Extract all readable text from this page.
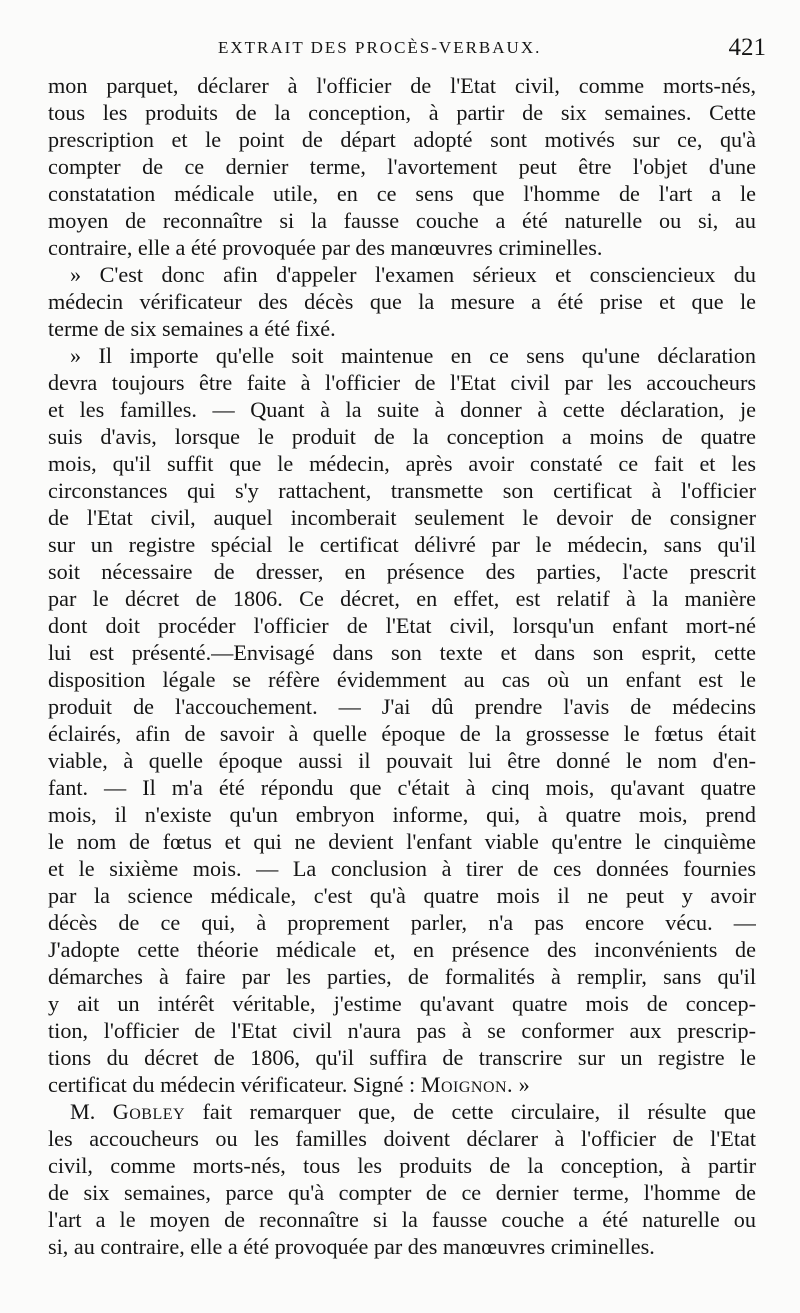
EXTRAIT DES PROCÈS-VERBAUX.	421
mon parquet, déclarer à l'officier de l'Etat civil, comme morts-nés,
tous les produits de la conception, à partir de six semaines. Cette
prescription et le point de départ adopté sont motivés sur ce, qu'à
compter de ce dernier terme, l'avortement peut être l'objet d'une
constatation médicale utile, en ce sens que l'homme de l'art a le
moyen de reconnaître si la fausse couche a été naturelle ou si, au
contraire, elle a été provoquée par des manœuvres criminelles.
» C'est donc afin d'appeler l'examen sérieux et consciencieux du
médecin vérificateur des décès que la mesure a été prise et que le
terme de six semaines a été fixé.
» Il importe qu'elle soit maintenue en ce sens qu'une déclaration
devra toujours être faite à l'officier de l'Etat civil par les accoucheurs
et les familles. — Quant à la suite à donner à cette déclaration, je
suis d'avis, lorsque le produit de la conception a moins de quatre
mois, qu'il suffit que le médecin, après avoir constaté ce fait et les
circonstances qui s'y rattachent, transmette son certificat à l'officier
de l'Etat civil, auquel incomberait seulement le devoir de consigner
sur un registre spécial le certificat délivré par le médecin, sans qu'il
soit nécessaire de dresser, en présence des parties, l'acte prescrit
par le décret de 1806. Ce décret, en effet, est relatif à la manière
dont doit procéder l'officier de l'Etat civil, lorsqu'un enfant mort-né
lui est présenté.—Envisagé dans son texte et dans son esprit, cette
disposition légale se réfère évidemment au cas où un enfant est le
produit de l'accouchement. — J'ai dû prendre l'avis de médecins
éclairés, afin de savoir à quelle époque de la grossesse le fœtus était
viable, à quelle époque aussi il pouvait lui être donné le nom d'en-
fant. — Il m'a été répondu que c'était à cinq mois, qu'avant quatre
mois, il n'existe qu'un embryon informe, qui, à quatre mois, prend
le nom de fœtus et qui ne devient l'enfant viable qu'entre le cinquième
et le sixième mois. — La conclusion à tirer de ces données fournies
par la science médicale, c'est qu'à quatre mois il ne peut y avoir
décès de ce qui, à proprement parler, n'a pas encore vécu. —
J'adopte cette théorie médicale et, en présence des inconvénients de
démarches à faire par les parties, de formalités à remplir, sans qu'il
y ait un intérêt véritable, j'estime qu'avant quatre mois de concep-
tion, l'officier de l'Etat civil n'aura pas à se conformer aux prescrip-
tions du décret de 1806, qu'il suffira de transcrire sur un registre le
certificat du médecin vérificateur. Signé : Moignon. »
M. Gobley fait remarquer que, de cette circulaire, il résulte que
les accoucheurs ou les familles doivent déclarer à l'officier de l'Etat
civil, comme morts-nés, tous les produits de la conception, à partir
de six semaines, parce qu'à compter de ce dernier terme, l'homme de
l'art a le moyen de reconnaître si la fausse couche a été naturelle ou
si, au contraire, elle a été provoquée par des manœuvres criminelles.
